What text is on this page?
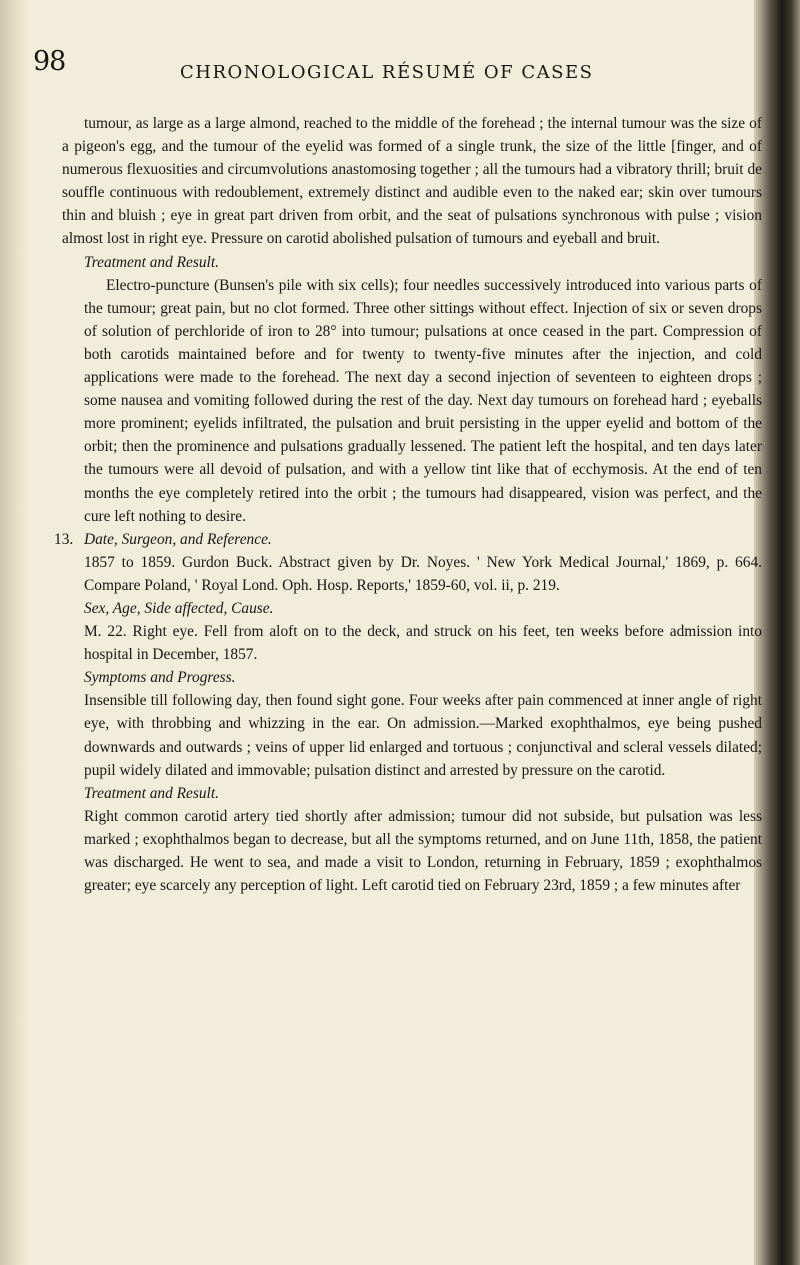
98	CHRONOLOGICAL RÉSUMÉ OF CASES

tumour, as large as a large almond, reached to the middle of the forehead ; the internal tumour was the size of a pigeon's egg, and the tumour of the eyelid was formed of a single trunk, the size of the little [finger, and of numerous flexuosities and circumvolutions anastomosing together ; all the tumours had a vibratory thrill; bruit de souffle continuous with redoublement, extremely distinct and audible even to the naked ear; skin over tumours thin and bluish ; eye in great part driven from orbit, and the seat of pulsations synchronous with pulse ; vision almost lost in right eye. Pressure on carotid abolished pulsation of tumours and eyeball and bruit.

Treatment and Result.

Electro-puncture (Bunsen's pile with six cells); four needles successively introduced into various parts of the tumour; great pain, but no clot formed. Three other sittings without effect. Injection of six or seven drops of solution of perchloride of iron to 28° into tumour; pulsations at once ceased in the part. Compression of both carotids maintained before and for twenty to twenty-five minutes after the injection, and cold applications were made to the forehead. The next day a second injection of seventeen to eighteen drops ; some nausea and vomiting followed during the rest of the day. Next day tumours on forehead hard ; eyeballs more prominent; eyelids infiltrated, the pulsation and bruit persisting in the upper eyelid and bottom of the orbit; then the prominence and pulsations gradually lessened. The patient left the hospital, and ten days later the tumours were all devoid of pulsation, and with a yellow tint like that of ecchymosis. At the end of ten months the eye completely retired into the orbit ; the tumours had disappeared, vision was perfect, and the cure left nothing to desire.

13. Date, Surgeon, and Reference.

1857 to 1859. Gurdon Buck. Abstract given by Dr. Noyes. ' New York Medical Journal,' 1869, p. 664. Compare Poland, ' Royal Lond. Oph. Hosp. Reports,' 1859-60, vol. ii, p. 219.

Sex, Age, Side affected, Cause.

M. 22. Right eye. Fell from aloft on to the deck, and struck on his feet, ten weeks before admission into hospital in December, 1857.

Symptoms and Progress.

Insensible till following day, then found sight gone. Four weeks after pain commenced at inner angle of right eye, with throbbing and whizzing in the ear. On admission.—Marked exophthalmos, eye being pushed downwards and outwards ; veins of upper lid enlarged and tortuous ; conjunctival and scleral vessels dilated; pupil widely dilated and immovable; pulsation distinct and arrested by pressure on the carotid.

Treatment and Result.

Right common carotid artery tied shortly after admission; tumour did not subside, but pulsation was less marked ; exophthalmos began to decrease, but all the symptoms returned, and on June 11th, 1858, the patient was discharged. He went to sea, and made a visit to London, returning in February, 1859 ; exophthalmos greater; eye scarcely any perception of light. Left carotid tied on February 23rd, 1859 ; a few minutes after
